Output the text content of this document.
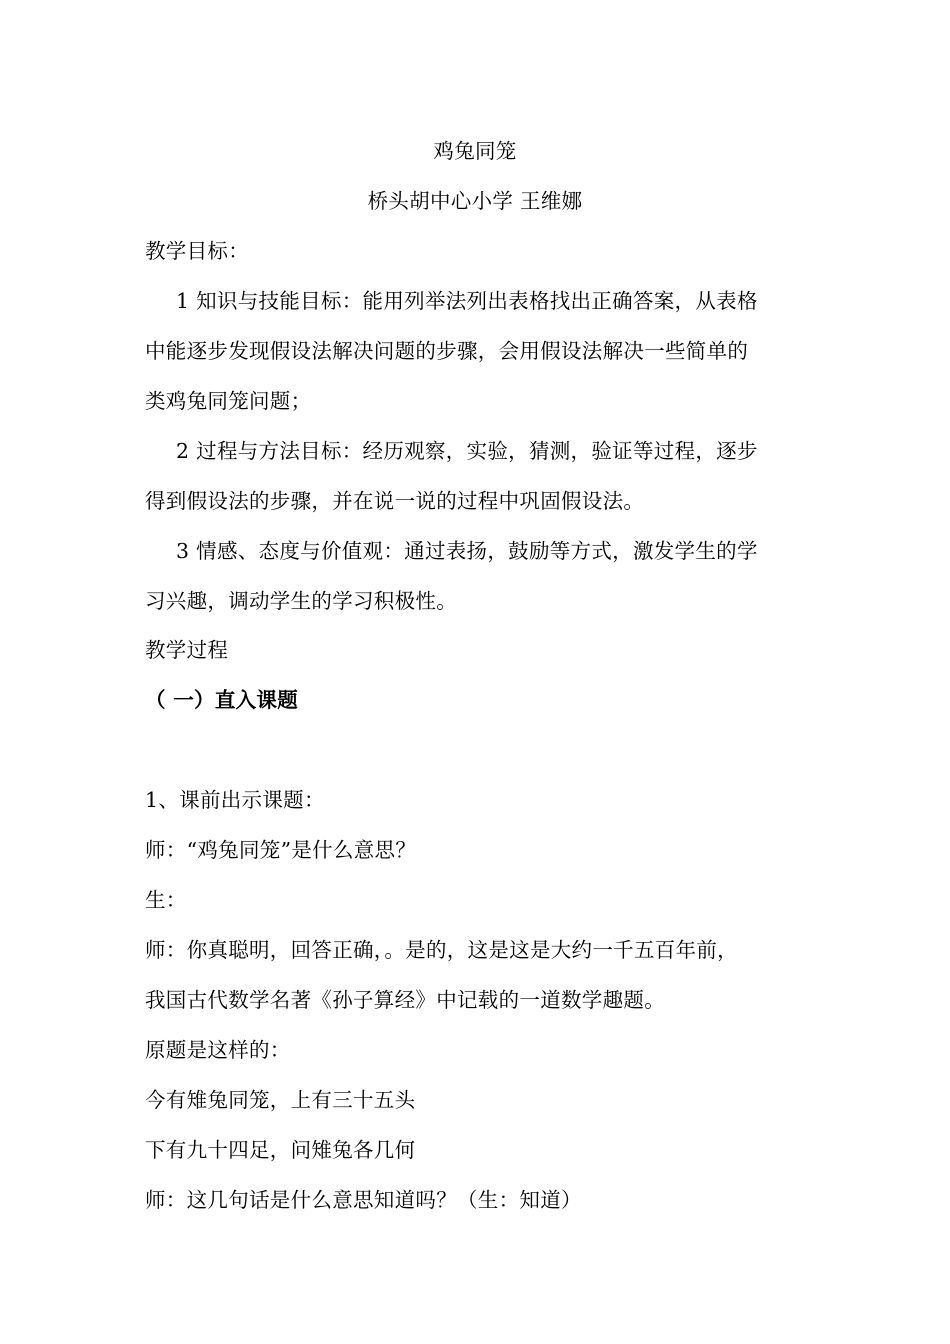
鸡兔同笼
桥头胡中心小学 王维娜
教学目标：
1 知识与技能目标：能用列举法列出表格找出正确答案，从表格
中能逐步发现假设法解决问题的步骤，会用假设法解决一些简单的
类鸡兔同笼问题；
2 过程与方法目标：经历观察，实验，猜测，验证等过程，逐步
得到假设法的步骤，并在说一说的过程中巩固假设法。
3 情感、态度与价值观：通过表扬，鼓励等方式，激发学生的学
习兴趣，调动学生的学习积极性。
教学过程
（ 一）直入课题
1、课前出示课题：
师：“鸡兔同笼”是什么意思？
生：
师：你真聪明，回答正确，。是的，这是这是大约一千五百年前，
我国古代数学名著《孙子算经》中记载的一道数学趣题。
原题是这样的：
今有雉兔同笼，上有三十五头
下有九十四足，问雉兔各几何
师：这几句话是什么意思知道吗？（生：知道）
